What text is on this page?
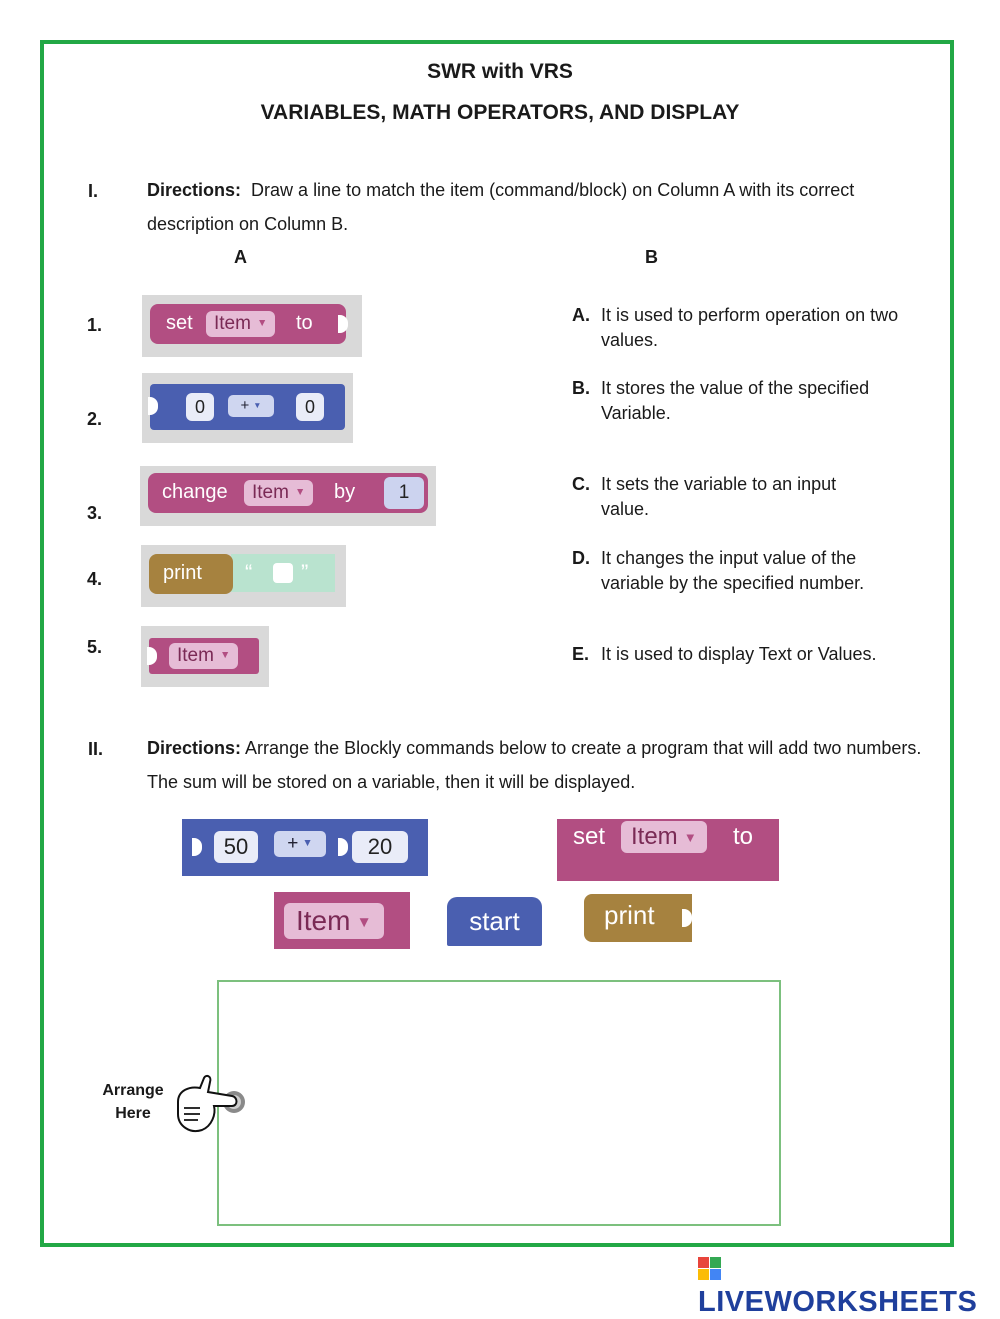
SWR with VRS
VARIABLES, MATH OPERATORS, AND DISPLAY
I.	Directions: Draw a line to match the item (command/block) on Column A with its correct description on Column B.
A	B
1.
2.
3.
4.
5.
set	Item ▼	to
0	+ ▼	0
change	Item ▼	by	1
“ ”
print
Item ▼
A. It is used to perform operation on two values.
B. It stores the value of the specified Variable.
C. It sets the variable to an input value.
D. It changes the input value of the variable by the specified number.
E. It is used to display Text or Values.
II. Directions: Arrange the Blockly commands below to create a program that will add two numbers. The sum will be stored on a variable, then it will be displayed.
50	+ ▼	20	set	Item ▼	to
Item ▼	start	print
Arrange
Here
LIVEWORKSHEETS
